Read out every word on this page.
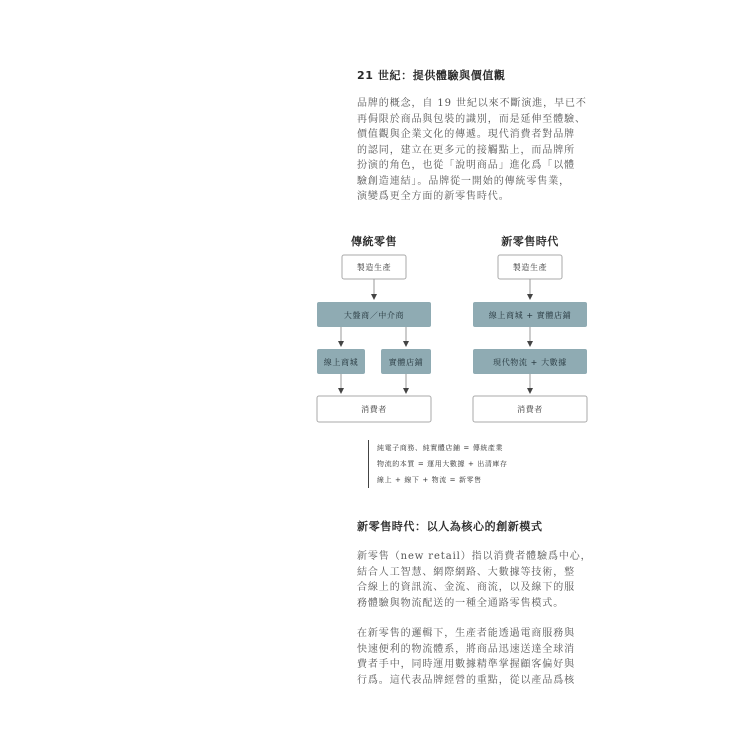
21 世紀：提供體驗與價值觀
品牌的概念，自 19 世紀以來不斷演進，早已不
再侷限於商品與包裝的識別，而是延伸至體驗、
價值觀與企業文化的傳遞。現代消費者對品牌
的認同，建立在更多元的接觸點上，而品牌所
扮演的角色，也從「說明商品」進化爲「以體
驗創造連結」。品牌從一開始的傳統零售業，
演變爲更全方面的新零售時代。
傳統零售	新零售時代
製造生產
大盤商／中介商
線上商城	實體店鋪
消費者
製造生產
線上商城 + 實體店鋪
現代物流 + 大數據
消費者
純電子商務、純實體店鋪 = 傳統產業
物流的本質 = 運用大數據 + 出清庫存
線上 + 線下 + 物流 = 新零售
新零售時代：以人為核心的創新模式
新零售（new retail）指以消費者體驗爲中心，
結合人工智慧、網際網路、大數據等技術，整
合線上的資訊流、金流、商流，以及線下的服
務體驗與物流配送的一種全通路零售模式。
在新零售的邏輯下，生產者能透過電商服務與
快速便利的物流體系，將商品迅速送達全球消
費者手中，同時運用數據精準掌握顧客偏好與
行爲。這代表品牌經營的重點，從以產品爲核
